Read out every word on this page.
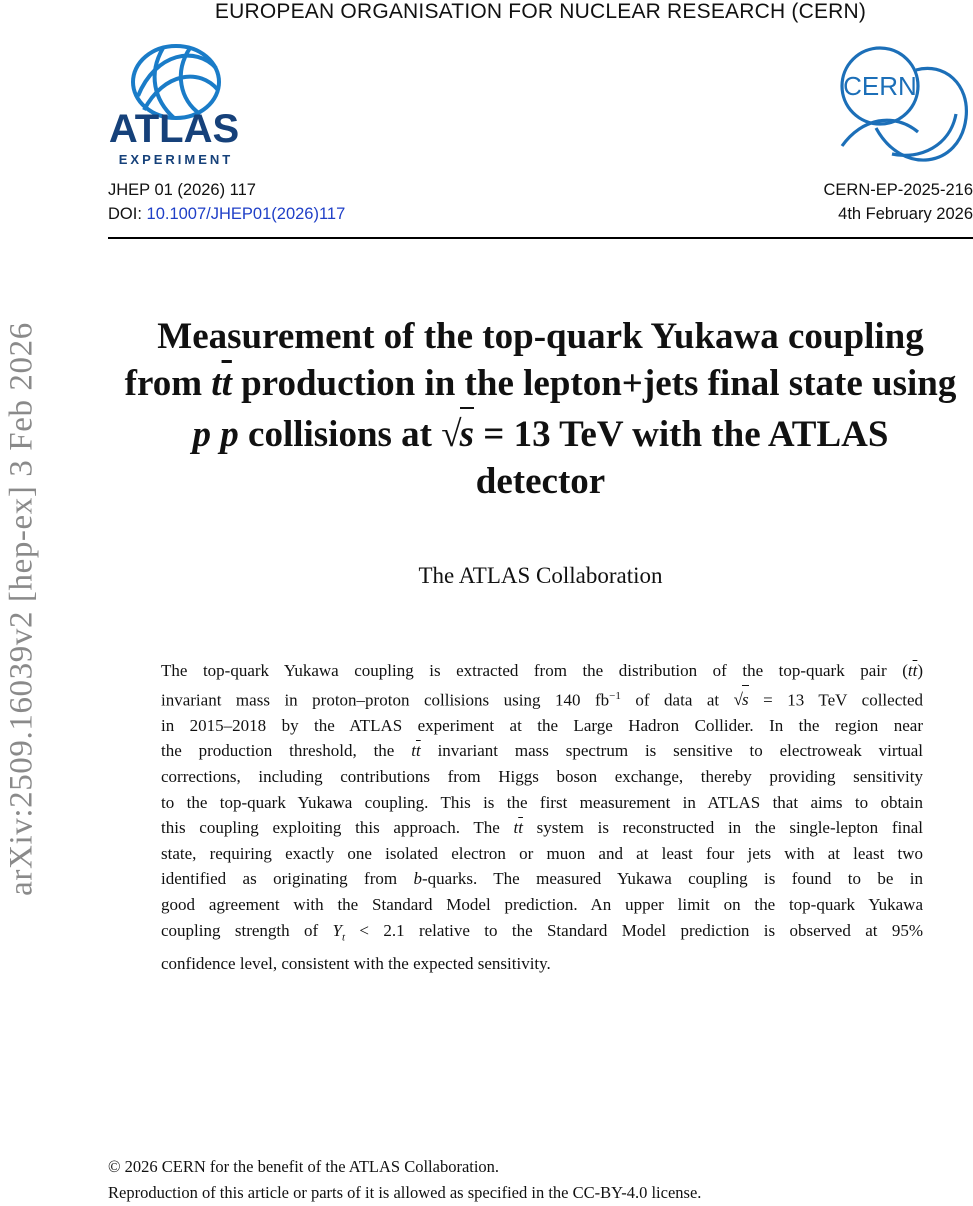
EUROPEAN ORGANISATION FOR NUCLEAR RESEARCH (CERN)
ATLAS
EXPERIMENT
CERN
JHEP 01 (2026) 117
DOI: 10.1007/JHEP01(2026)117
CERN-EP-2025-216
4th February 2026
arXiv:2509.16039v2 [hep-ex] 3 Feb 2026	Measurement of the top-quark Yukawa coupling
from $t\overline{t}$ production in the lepton+jets final state using
p p collisions at √s = 13 TeV with the ATLAS
detector
The ATLAS Collaboration
The top-quark Yukawa coupling is extracted from the distribution of the top-quark pair $(t\overline{t})$
invariant mass in proton–proton collisions using 140 $fb^{-1}$ of data at √s = 13 TeV collected
in 2015–2018 by the ATLAS experiment at the Large Hadron Collider. In the region near
the production threshold, the $t\overline{t}$ invariant mass spectrum is sensitive to electroweak virtual
corrections, including contributions from Higgs boson exchange, thereby providing sensitivity
to the top-quark Yukawa coupling. This is the first measurement in ATLAS that aims to obtain
this coupling exploiting this approach. The $t\overline{t}$ system is reconstructed in the single-lepton final
state, requiring exactly one isolated electron or muon and at least four jets with at least two
identified as originating from b-quarks. The measured Yukawa coupling is found to be in
good agreement with the Standard Model prediction. An upper limit on the top-quark Yukawa
coupling strength of $Y_t < 2.1$ relative to the Standard Model prediction is observed at 95%
confidence level, consistent with the expected sensitivity.
© 2026 CERN for the benefit of the ATLAS Collaboration.
Reproduction of this article or parts of it is allowed as specified in the CC-BY-4.0 license.
